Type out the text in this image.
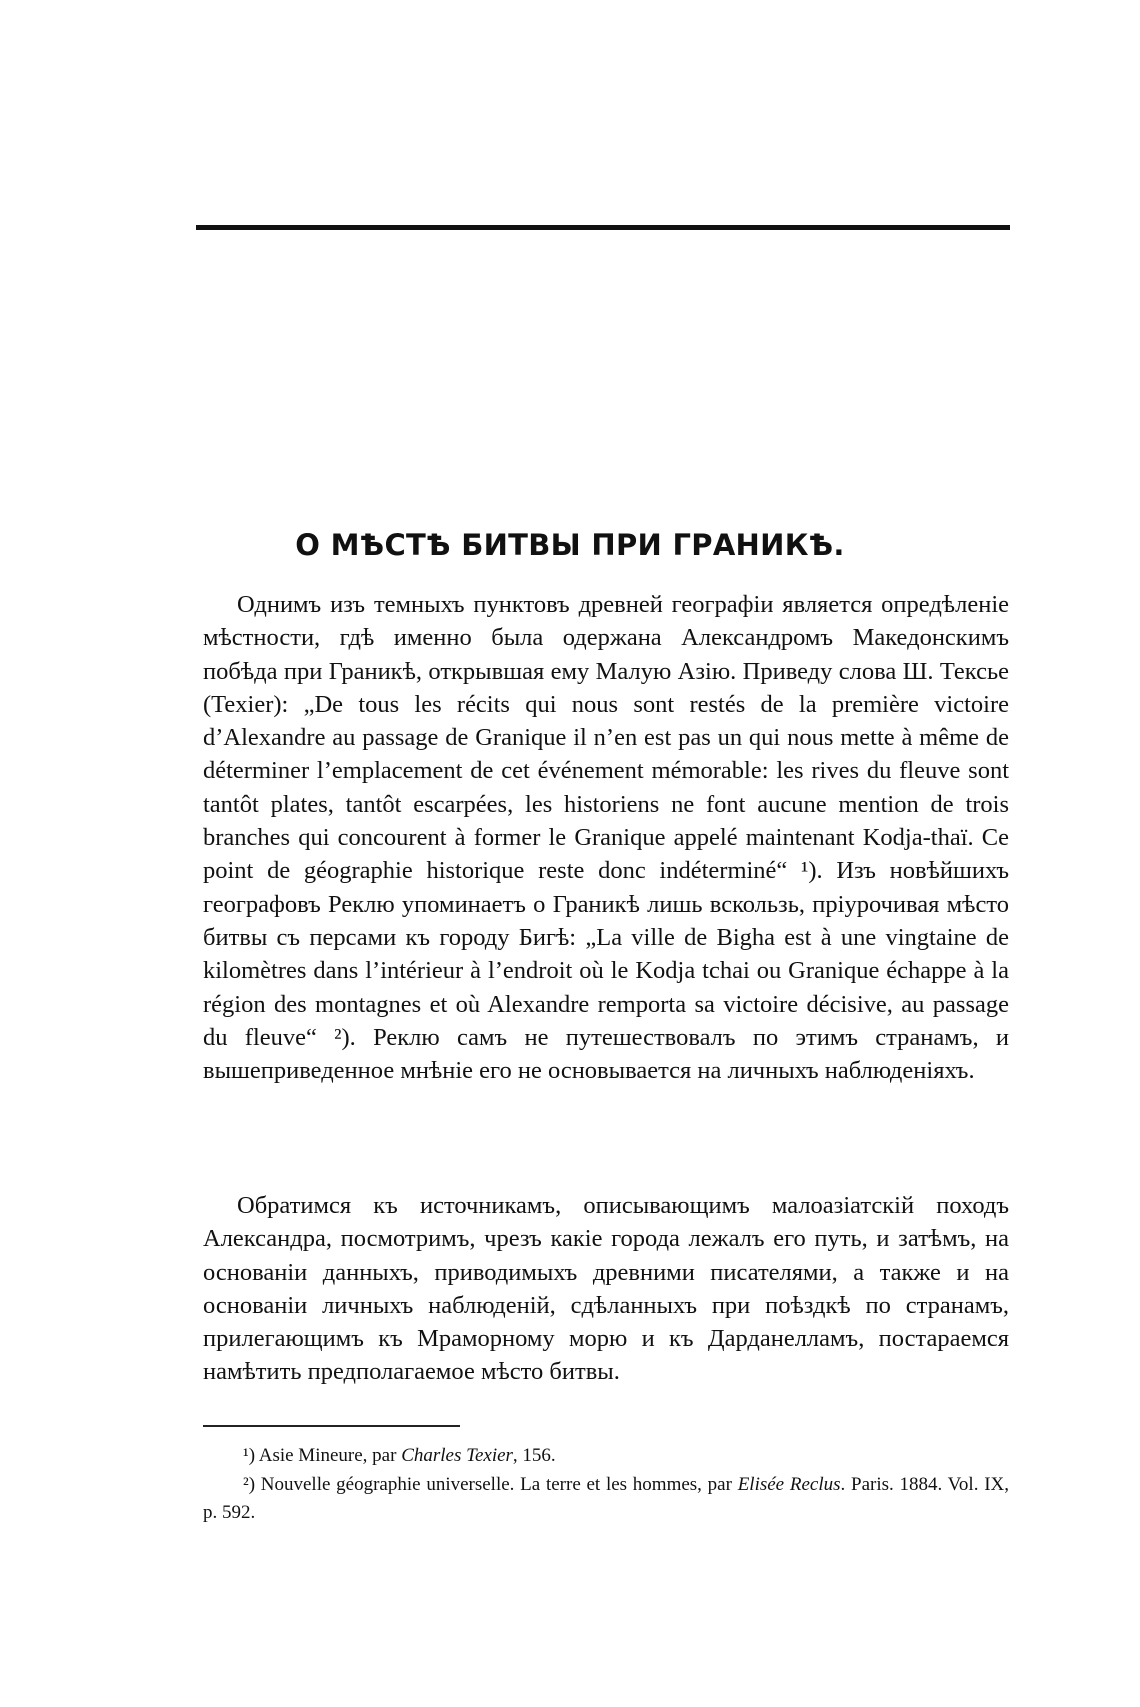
О МѢСТѢ БИТВЫ ПРИ ГРАНИКѢ.

Однимъ изъ темныхъ пунктовъ древней географіи является опредѣленіе мѣстности, гдѣ именно была одержана Александромъ Македонскимъ побѣда при Граникѣ, открывшая ему Малую Азію. Приведу слова Ш. Тексье (Texier): „De tous les récits qui nous sont restés de la première victoire d’Alexandre au passage de Granique il n’en est pas un qui nous mette à même de déterminer l’emplacement de cet événement mémorable: les rives du fleuve sont tantôt plates, tantôt escarpées, les historiens ne font aucune mention de trois branches qui concourent à former le Granique appelé maintenant Kodja-thaï. Ce point de géographie historique reste donc indéterminé“ ¹). Изъ новѣйшихъ географовъ Реклю упоминаетъ о Граникѣ лишь вскользь, пріурочивая мѣсто битвы съ персами къ городу Бигѣ: „La ville de Bigha est à une vingtaine de kilomètres dans l’intérieur à l’endroit où le Kodja tchai ou Granique échappe à la région des montagnes et où Alexandre remporta sa victoire décisive, au passage du fleuve“ ²). Реклю самъ не путешествовалъ по этимъ странамъ, и вышеприведенное мнѣніе его не основывается на личныхъ наблюденіяхъ.

Обратимся къ источникамъ, описывающимъ малоазіатскій походъ Александра, посмотримъ, чрезъ какіе города лежалъ его путь, и затѣмъ, на основаніи данныхъ, приводимыхъ древними писателями, а также и на основаніи личныхъ наблюденій, сдѣланныхъ при поѣздкѣ по странамъ, прилегающимъ къ Мраморному морю и къ Дарданелламъ, постараемся намѣтить предполагаемое мѣсто битвы.

¹) Asie Mineure, par Charles Texier, 156.

²) Nouvelle géographie universelle. La terre et les hommes, par Elisée Reclus. Paris. 1884. Vol. IX, p. 592.
